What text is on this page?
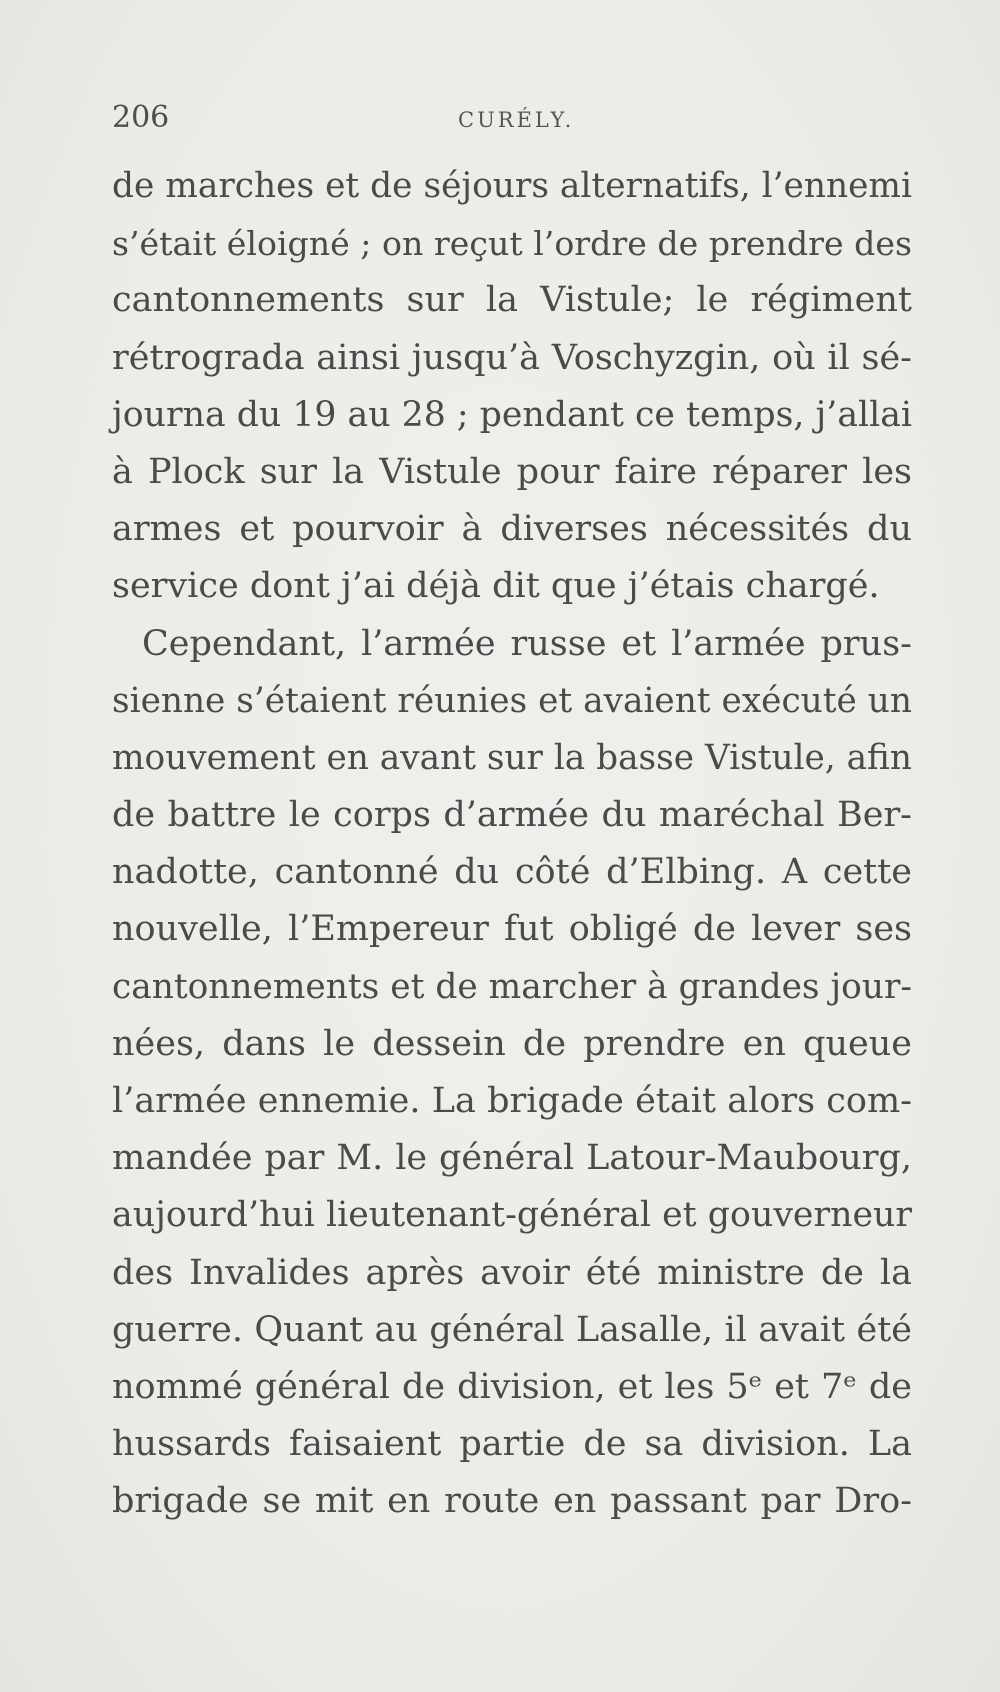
206	CURÉLY.
de marches et de séjours alternatifs, l’ennemi
s’était éloigné ; on reçut l’ordre de prendre des
cantonnements sur la Vistule; le régiment
rétrograda ainsi jusqu’à Voschyzgin, où il sé-
journa du 19 au 28 ; pendant ce temps, j’allai
à Plock sur la Vistule pour faire réparer les
armes et pourvoir à diverses nécessités du
service dont j’ai déjà dit que j’étais chargé.
Cependant, l’armée russe et l’armée prus-
sienne s’étaient réunies et avaient exécuté un
mouvement en avant sur la basse Vistule, afin
de battre le corps d’armée du maréchal Ber-
nadotte, cantonné du côté d’Elbing. A cette
nouvelle, l’Empereur fut obligé de lever ses
cantonnements et de marcher à grandes jour-
nées, dans le dessein de prendre en queue
l’armée ennemie. La brigade était alors com-
mandée par M. le général Latour-Maubourg,
aujourd’hui lieutenant-général et gouverneur
des Invalides après avoir été ministre de la
guerre. Quant au général Lasalle, il avait été
nommé général de division, et les 5ᵉ et 7ᵉ de
hussards faisaient partie de sa division. La
brigade se mit en route en passant par Dro-
